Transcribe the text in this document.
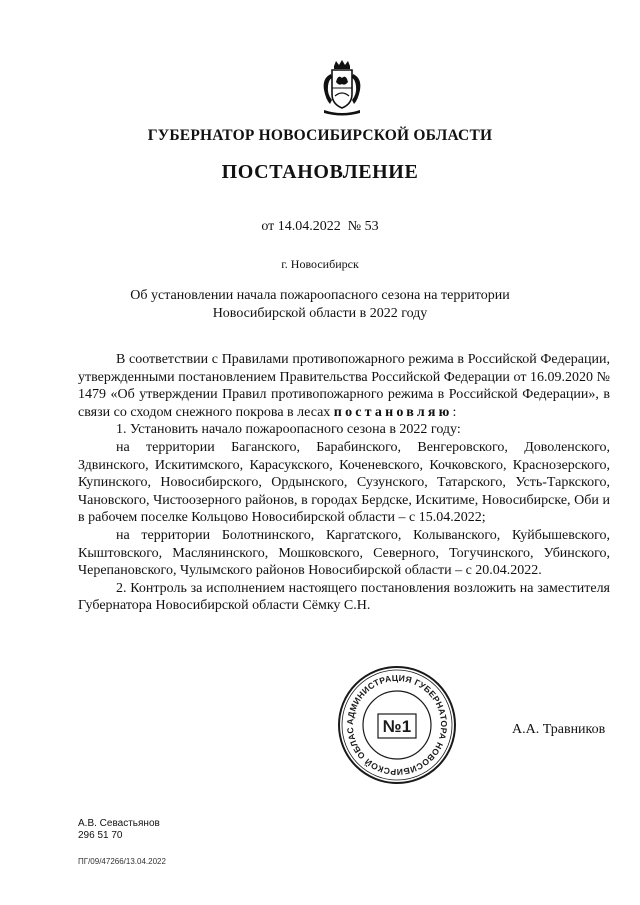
ГУБЕРНАТОР НОВОСИБИРСКОЙ ОБЛАСТИ
ПОСТАНОВЛЕНИЕ
от 14.04.2022  № 53
г. Новосибирск
Об установлении начала пожароопасного сезона на территории
Новосибирской области в 2022 году

В соответствии с Правилами противопожарного режима в Российской Федерации, утвержденными постановлением Правительства Российской Федерации от 16.09.2020 № 1479 «Об утверждении Правил противопожарного режима в Российской Федерации», в связи со сходом снежного покрова в лесах постановляю:

1. Установить начало пожароопасного сезона в 2022 году:

на территории Баганского, Барабинского, Венгеровского, Доволенского, Здвинского, Искитимского, Карасукского, Коченевского, Кочковского, Краснозерского, Купинского, Новосибирского, Ордынского, Сузунского, Татарского, Усть-Таркского, Чановского, Чистоозерного районов, в городах Бердске, Искитиме, Новосибирске, Оби и в рабочем поселке Кольцово Новосибирской области – с 15.04.2022;

на территории Болотнинского, Каргатского, Колыванского, Куйбышевского, Кыштовского, Маслянинского, Мошковского, Северного, Тогучинского, Убинского, Черепановского, Чулымского районов Новосибирской области – с 20.04.2022.

2. Контроль за исполнением настоящего постановления возложить на заместителя Губернатора Новосибирской области Сёмку С.Н.

АДМИНИСТРАЦИЯ ГУБЕРНАТОРА НОВОСИБИРСКОЙ ОБЛАС	№1	А.А. Травников
А.В. Севастьянов
296 51 70
ПГ/09/47266/13.04.2022
